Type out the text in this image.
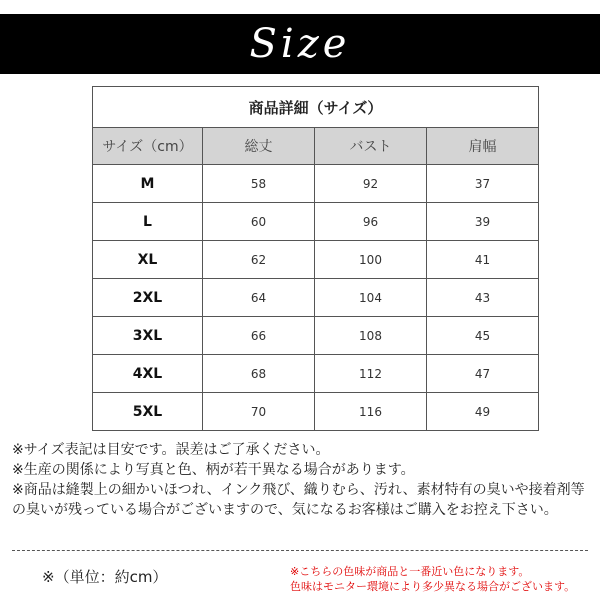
Size
商品詳細（サイズ）			
サイズ（cm）	総丈	バスト	肩幅
M	58	92	37
L	60	96	39
XL	62	100	41
2XL	64	104	43
3XL	66	108	45
4XL	68	112	47
5XL	70	116	49

※サイズ表記は目安です。誤差はご了承ください。

※生産の関係により写真と色、柄が若干異なる場合があります。

※商品は縫製上の細かいほつれ、インク飛び、織りむら、汚れ、素材特有の臭いや接着剤等の臭いが残っている場合がございますので、気になるお客様はご購入をお控え下さい。

※（単位：約cm）	※こちらの色味が商品と一番近い色になります。

色味はモニター環境により多少異なる場合がございます。
